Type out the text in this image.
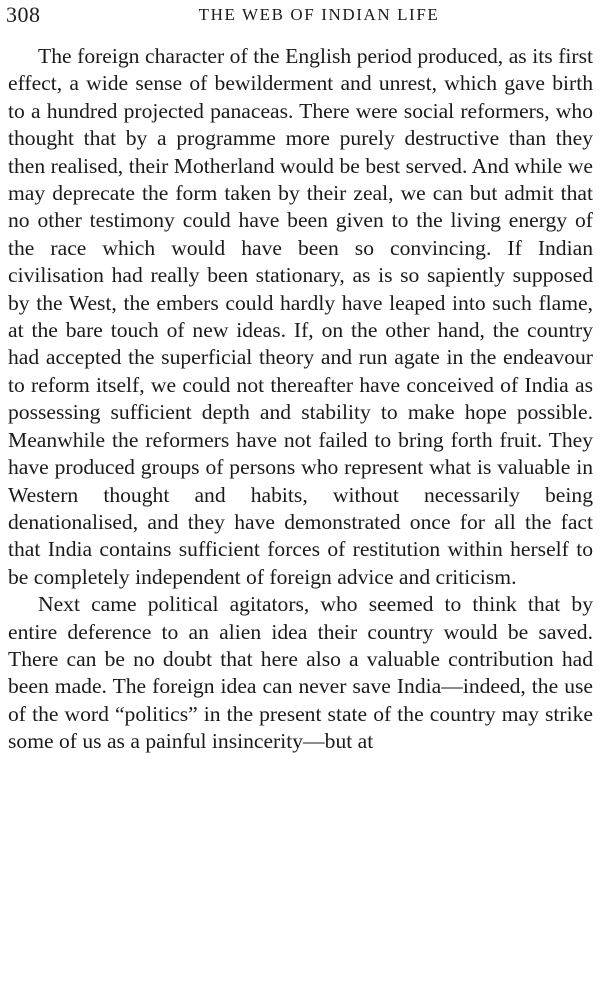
308	THE WEB OF INDIAN LIFE

The foreign character of the English period produced, as its first effect, a wide sense of bewilderment and unrest, which gave birth to a hundred projected panaceas. There were social reformers, who thought that by a programme more purely destructive than they then realised, their Motherland would be best served. And while we may deprecate the form taken by their zeal, we can but admit that no other testimony could have been given to the living energy of the race which would have been so convincing. If Indian civilisation had really been stationary, as is so sapiently supposed by the West, the embers could hardly have leaped into such flame, at the bare touch of new ideas. If, on the other hand, the country had accepted the superficial theory and run agate in the endeavour to reform itself, we could not thereafter have conceived of India as possessing sufficient depth and stability to make hope possible. Meanwhile the reformers have not failed to bring forth fruit. They have produced groups of persons who represent what is valuable in Western thought and habits, without necessarily being denationalised, and they have demonstrated once for all the fact that India contains sufficient forces of restitution within herself to be completely independent of foreign advice and criticism.

Next came political agitators, who seemed to think that by entire deference to an alien idea their country would be saved. There can be no doubt that here also a valuable contribution had been made. The foreign idea can never save India—indeed, the use of the word “politics” in the present state of the country may strike some of us as a painful insincerity—but at
